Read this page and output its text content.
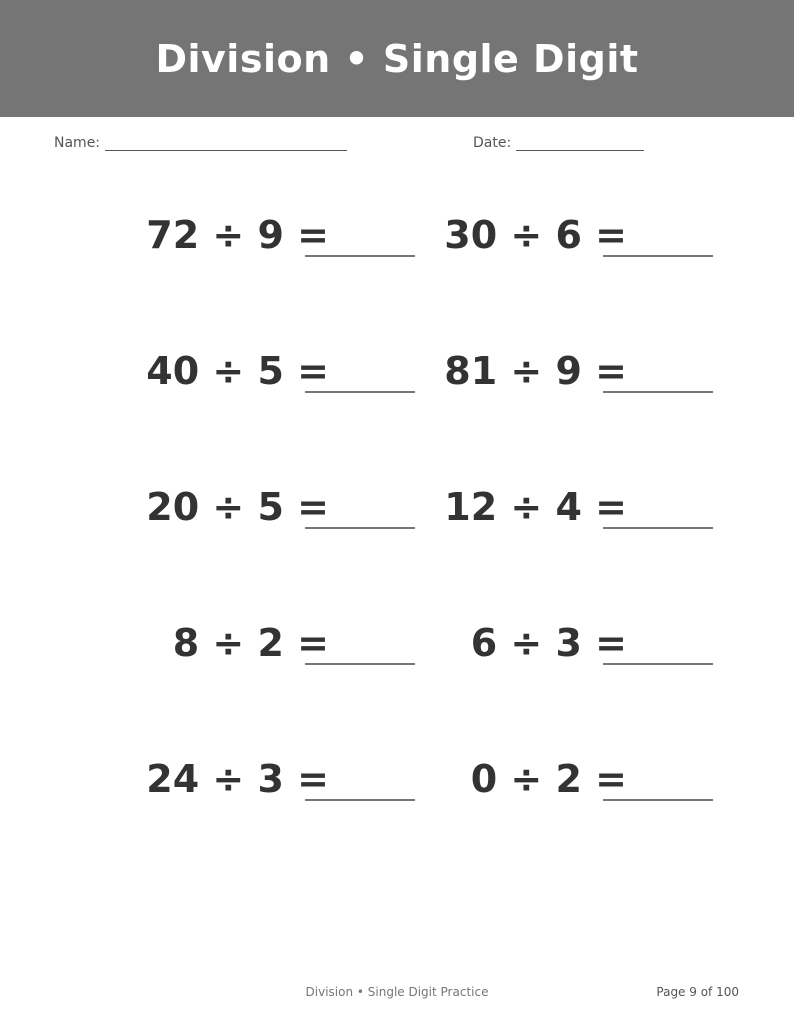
Division • Single Digit
Name:	Date:
72 ÷ 9 =	30 ÷ 6 =
40 ÷ 5 =	81 ÷ 9 =
20 ÷ 5 =	12 ÷ 4 =
8 ÷ 2 =	6 ÷ 3 =
24 ÷ 3 =	0 ÷ 2 =
Division • Single Digit Practice	Page 9 of 100
